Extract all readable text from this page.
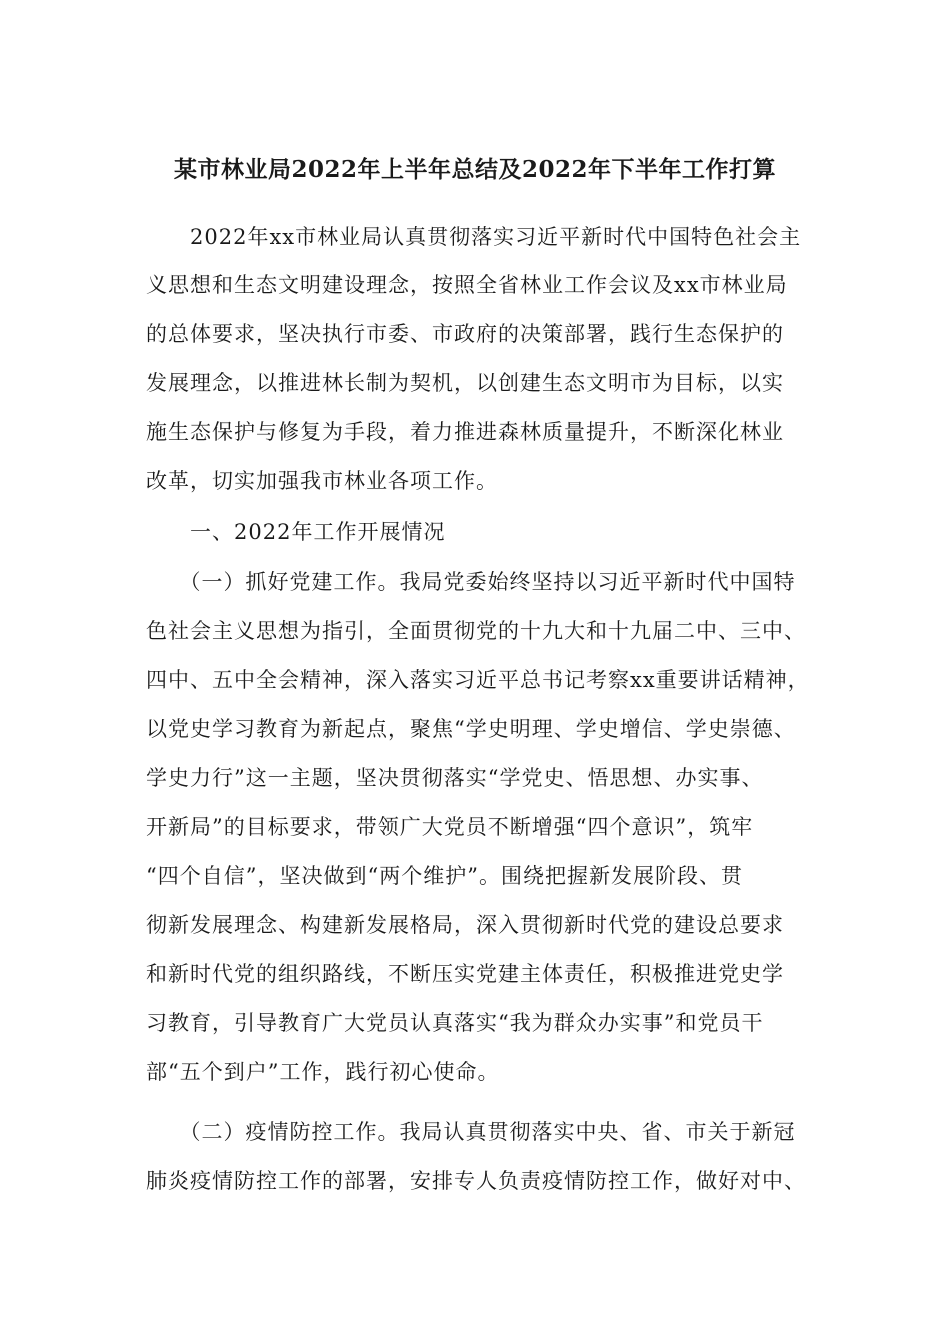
某市林业局2022年上半年总结及2022年下半年工作打算
　　2022年xx市林业局认真贯彻落实习近平新时代中国特色社会主
义思想和生态文明建设理念，按照全省林业工作会议及xx市林业局
的总体要求，坚决执行市委、市政府的决策部署，践行生态保护的
发展理念，以推进林长制为契机，以创建生态文明市为目标，以实
施生态保护与修复为手段，着力推进森林质量提升，不断深化林业
改革，切实加强我市林业各项工作。
　　一、2022年工作开展情况
　　（一）抓好党建工作。我局党委始终坚持以习近平新时代中国特
色社会主义思想为指引，全面贯彻党的十九大和十九届二中、三中、
四中、五中全会精神，深入落实习近平总书记考察xx重要讲话精神，
以党史学习教育为新起点，聚焦“学史明理、学史增信、学史崇德、
学史力行”这一主题，坚决贯彻落实“学党史、悟思想、办实事、
开新局”的目标要求，带领广大党员不断增强“四个意识”，筑牢
“四个自信”，坚决做到“两个维护”。围绕把握新发展阶段、贯
彻新发展理念、构建新发展格局，深入贯彻新时代党的建设总要求
和新时代党的组织路线，不断压实党建主体责任，积极推进党史学
习教育，引导教育广大党员认真落实“我为群众办实事”和党员干
部“五个到户”工作，践行初心使命。
　　（二）疫情防控工作。我局认真贯彻落实中央、省、市关于新冠
肺炎疫情防控工作的部署，安排专人负责疫情防控工作，做好对中、
